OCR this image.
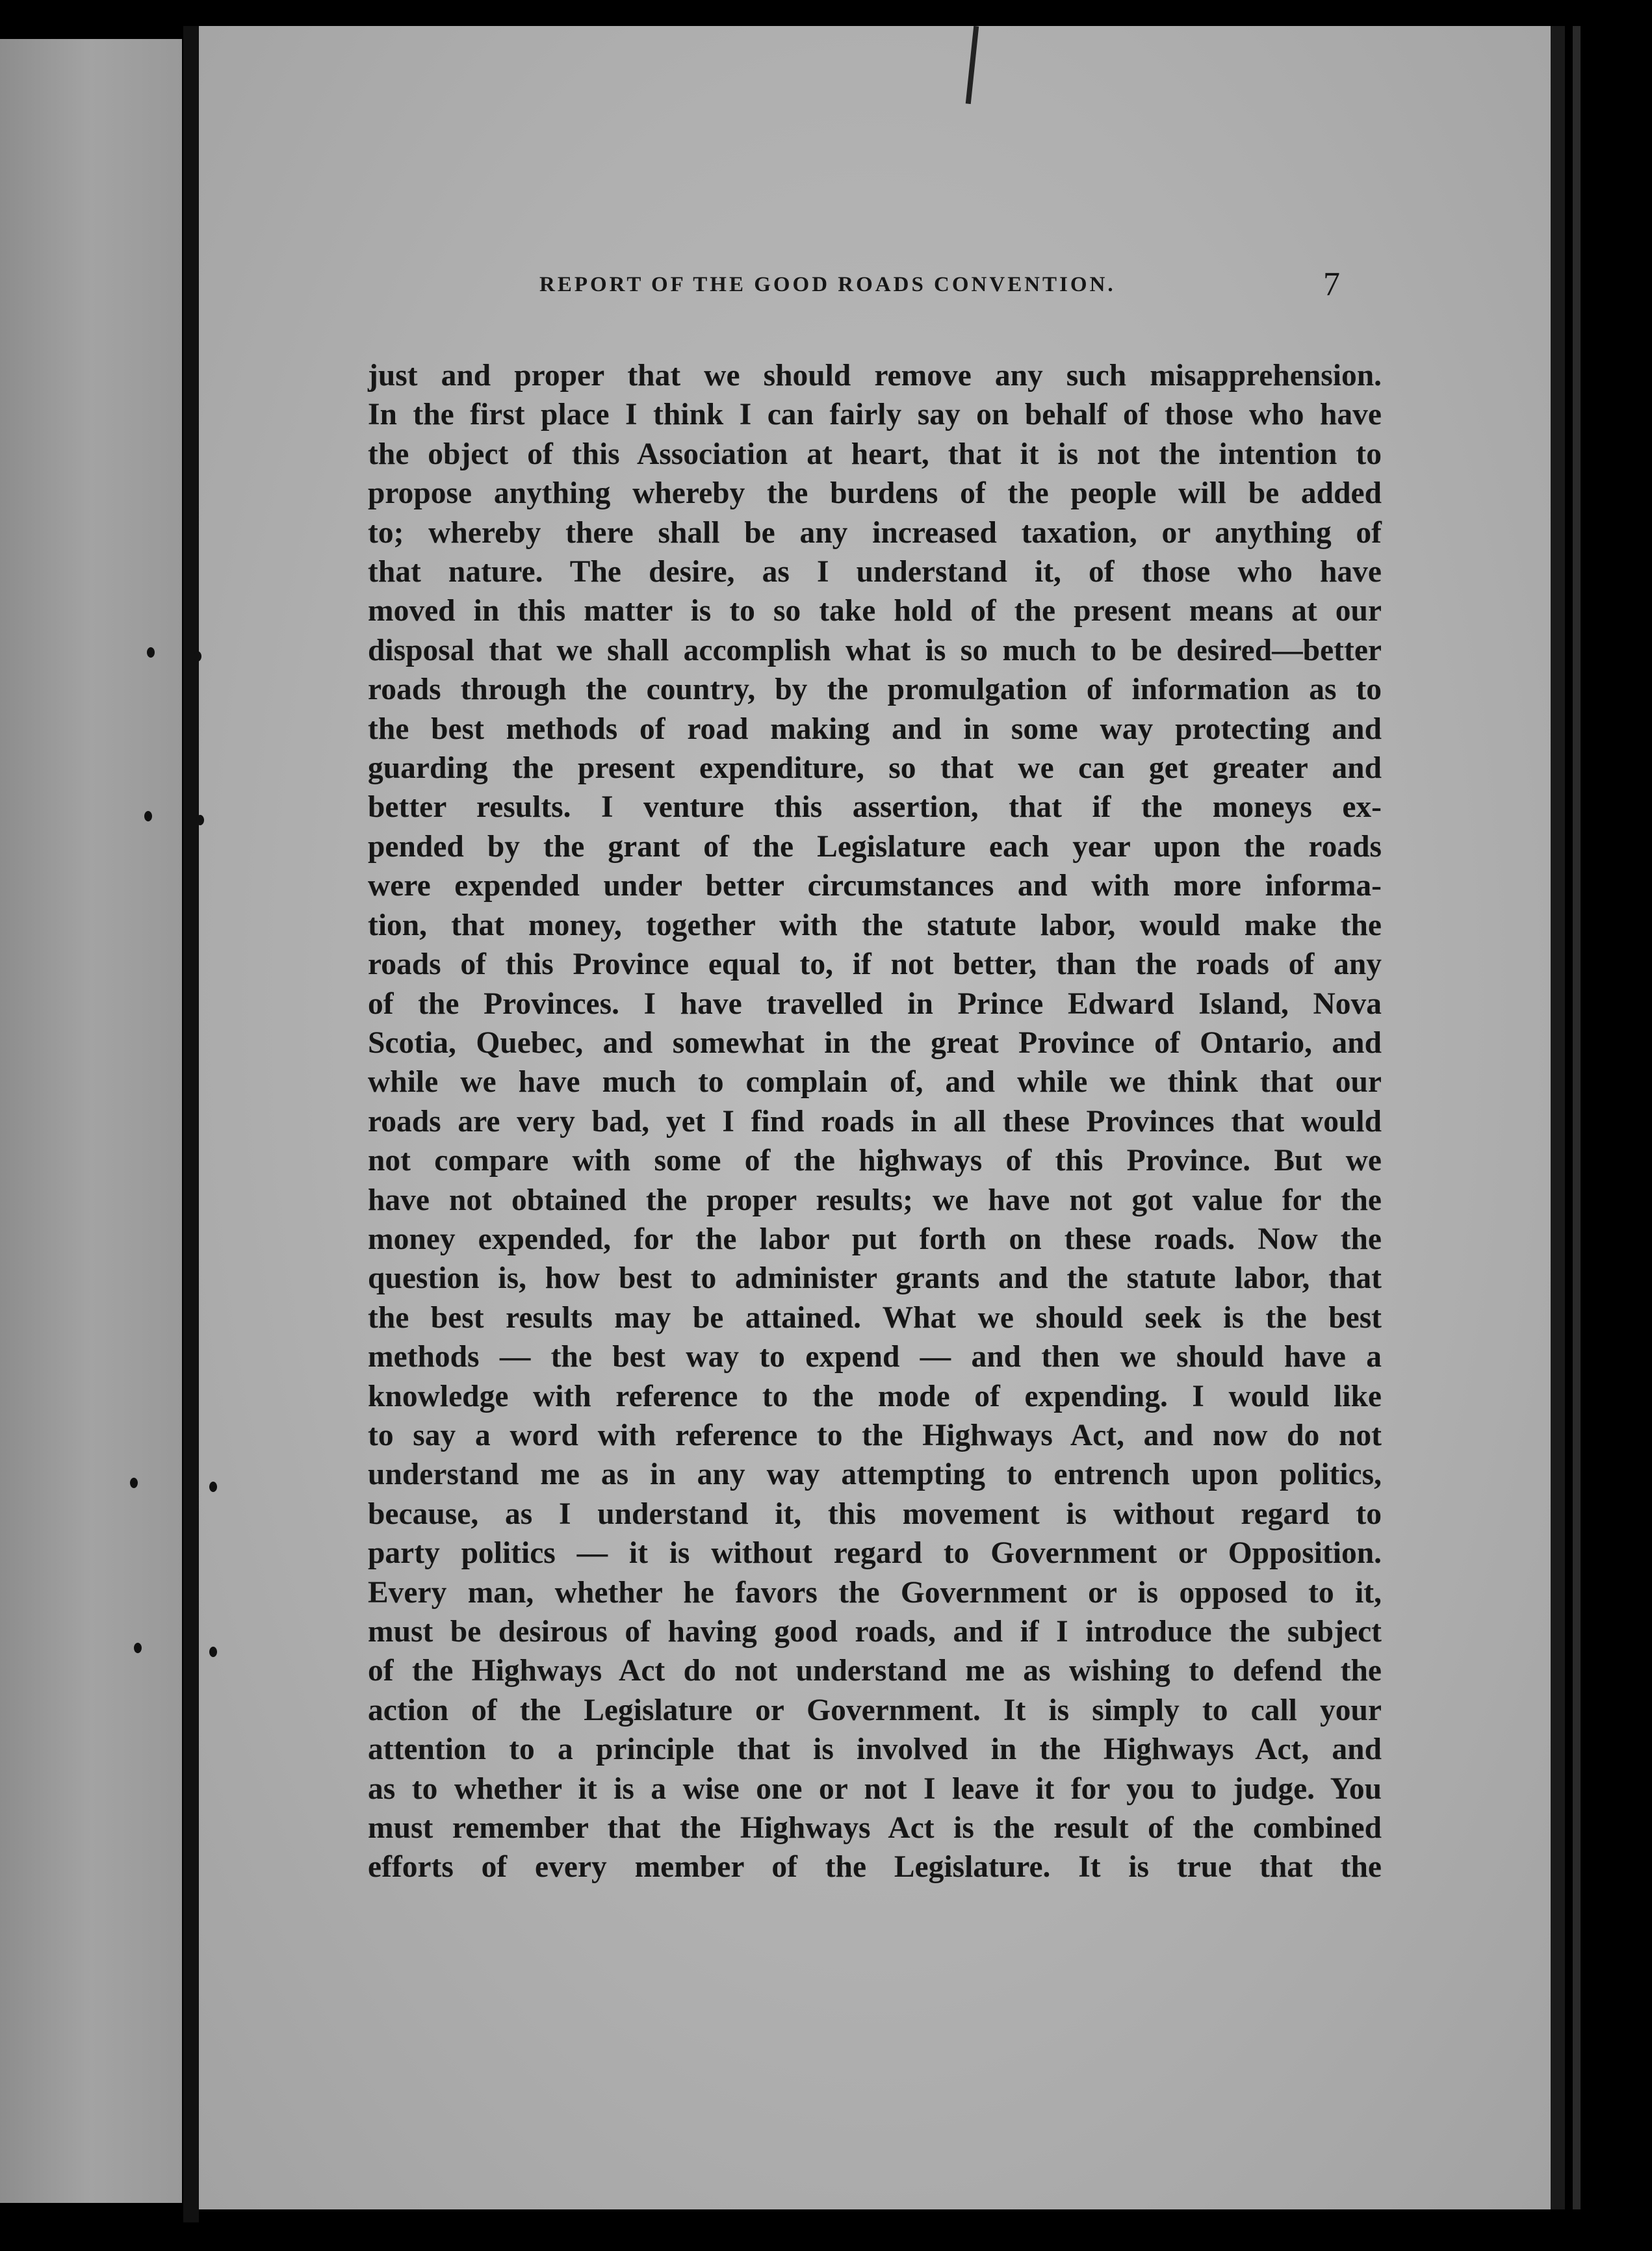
REPORT OF THE GOOD ROADS CONVENTION.	7
just and proper that we should remove any such misapprehension.
In the first place I think I can fairly say on behalf of those who have
the object of this Association at heart, that it is not the intention to
propose anything whereby the burdens of the people will be added
to; whereby there shall be any increased taxation, or anything of
that nature. The desire, as I understand it, of those who have
moved in this matter is to so take hold of the present means at our
disposal that we shall accomplish what is so much to be desired—better
roads through the country, by the promulgation of information as to
the best methods of road making and in some way protecting and
guarding the present expenditure, so that we can get greater and
better results. I venture this assertion, that if the moneys ex-
pended by the grant of the Legislature each year upon the roads
were expended under better circumstances and with more informa-
tion, that money, together with the statute labor, would make the
roads of this Province equal to, if not better, than the roads of any
of the Provinces. I have travelled in Prince Edward Island, Nova
Scotia, Quebec, and somewhat in the great Province of Ontario, and
while we have much to complain of, and while we think that our
roads are very bad, yet I find roads in all these Provinces that would
not compare with some of the highways of this Province. But we
have not obtained the proper results; we have not got value for the
money expended, for the labor put forth on these roads. Now the
question is, how best to administer grants and the statute labor, that
the best results may be attained. What we should seek is the best
methods — the best way to expend — and then we should have a
knowledge with reference to the mode of expending. I would like
to say a word with reference to the Highways Act, and now do not
understand me as in any way attempting to entrench upon politics,
because, as I understand it, this movement is without regard to
party politics — it is without regard to Government or Opposition.
Every man, whether he favors the Government or is opposed to it,
must be desirous of having good roads, and if I introduce the subject
of the Highways Act do not understand me as wishing to defend the
action of the Legislature or Government. It is simply to call your
attention to a principle that is involved in the Highways Act, and
as to whether it is a wise one or not I leave it for you to judge. You
must remember that the Highways Act is the result of the combined
efforts of every member of the Legislature. It is true that the
